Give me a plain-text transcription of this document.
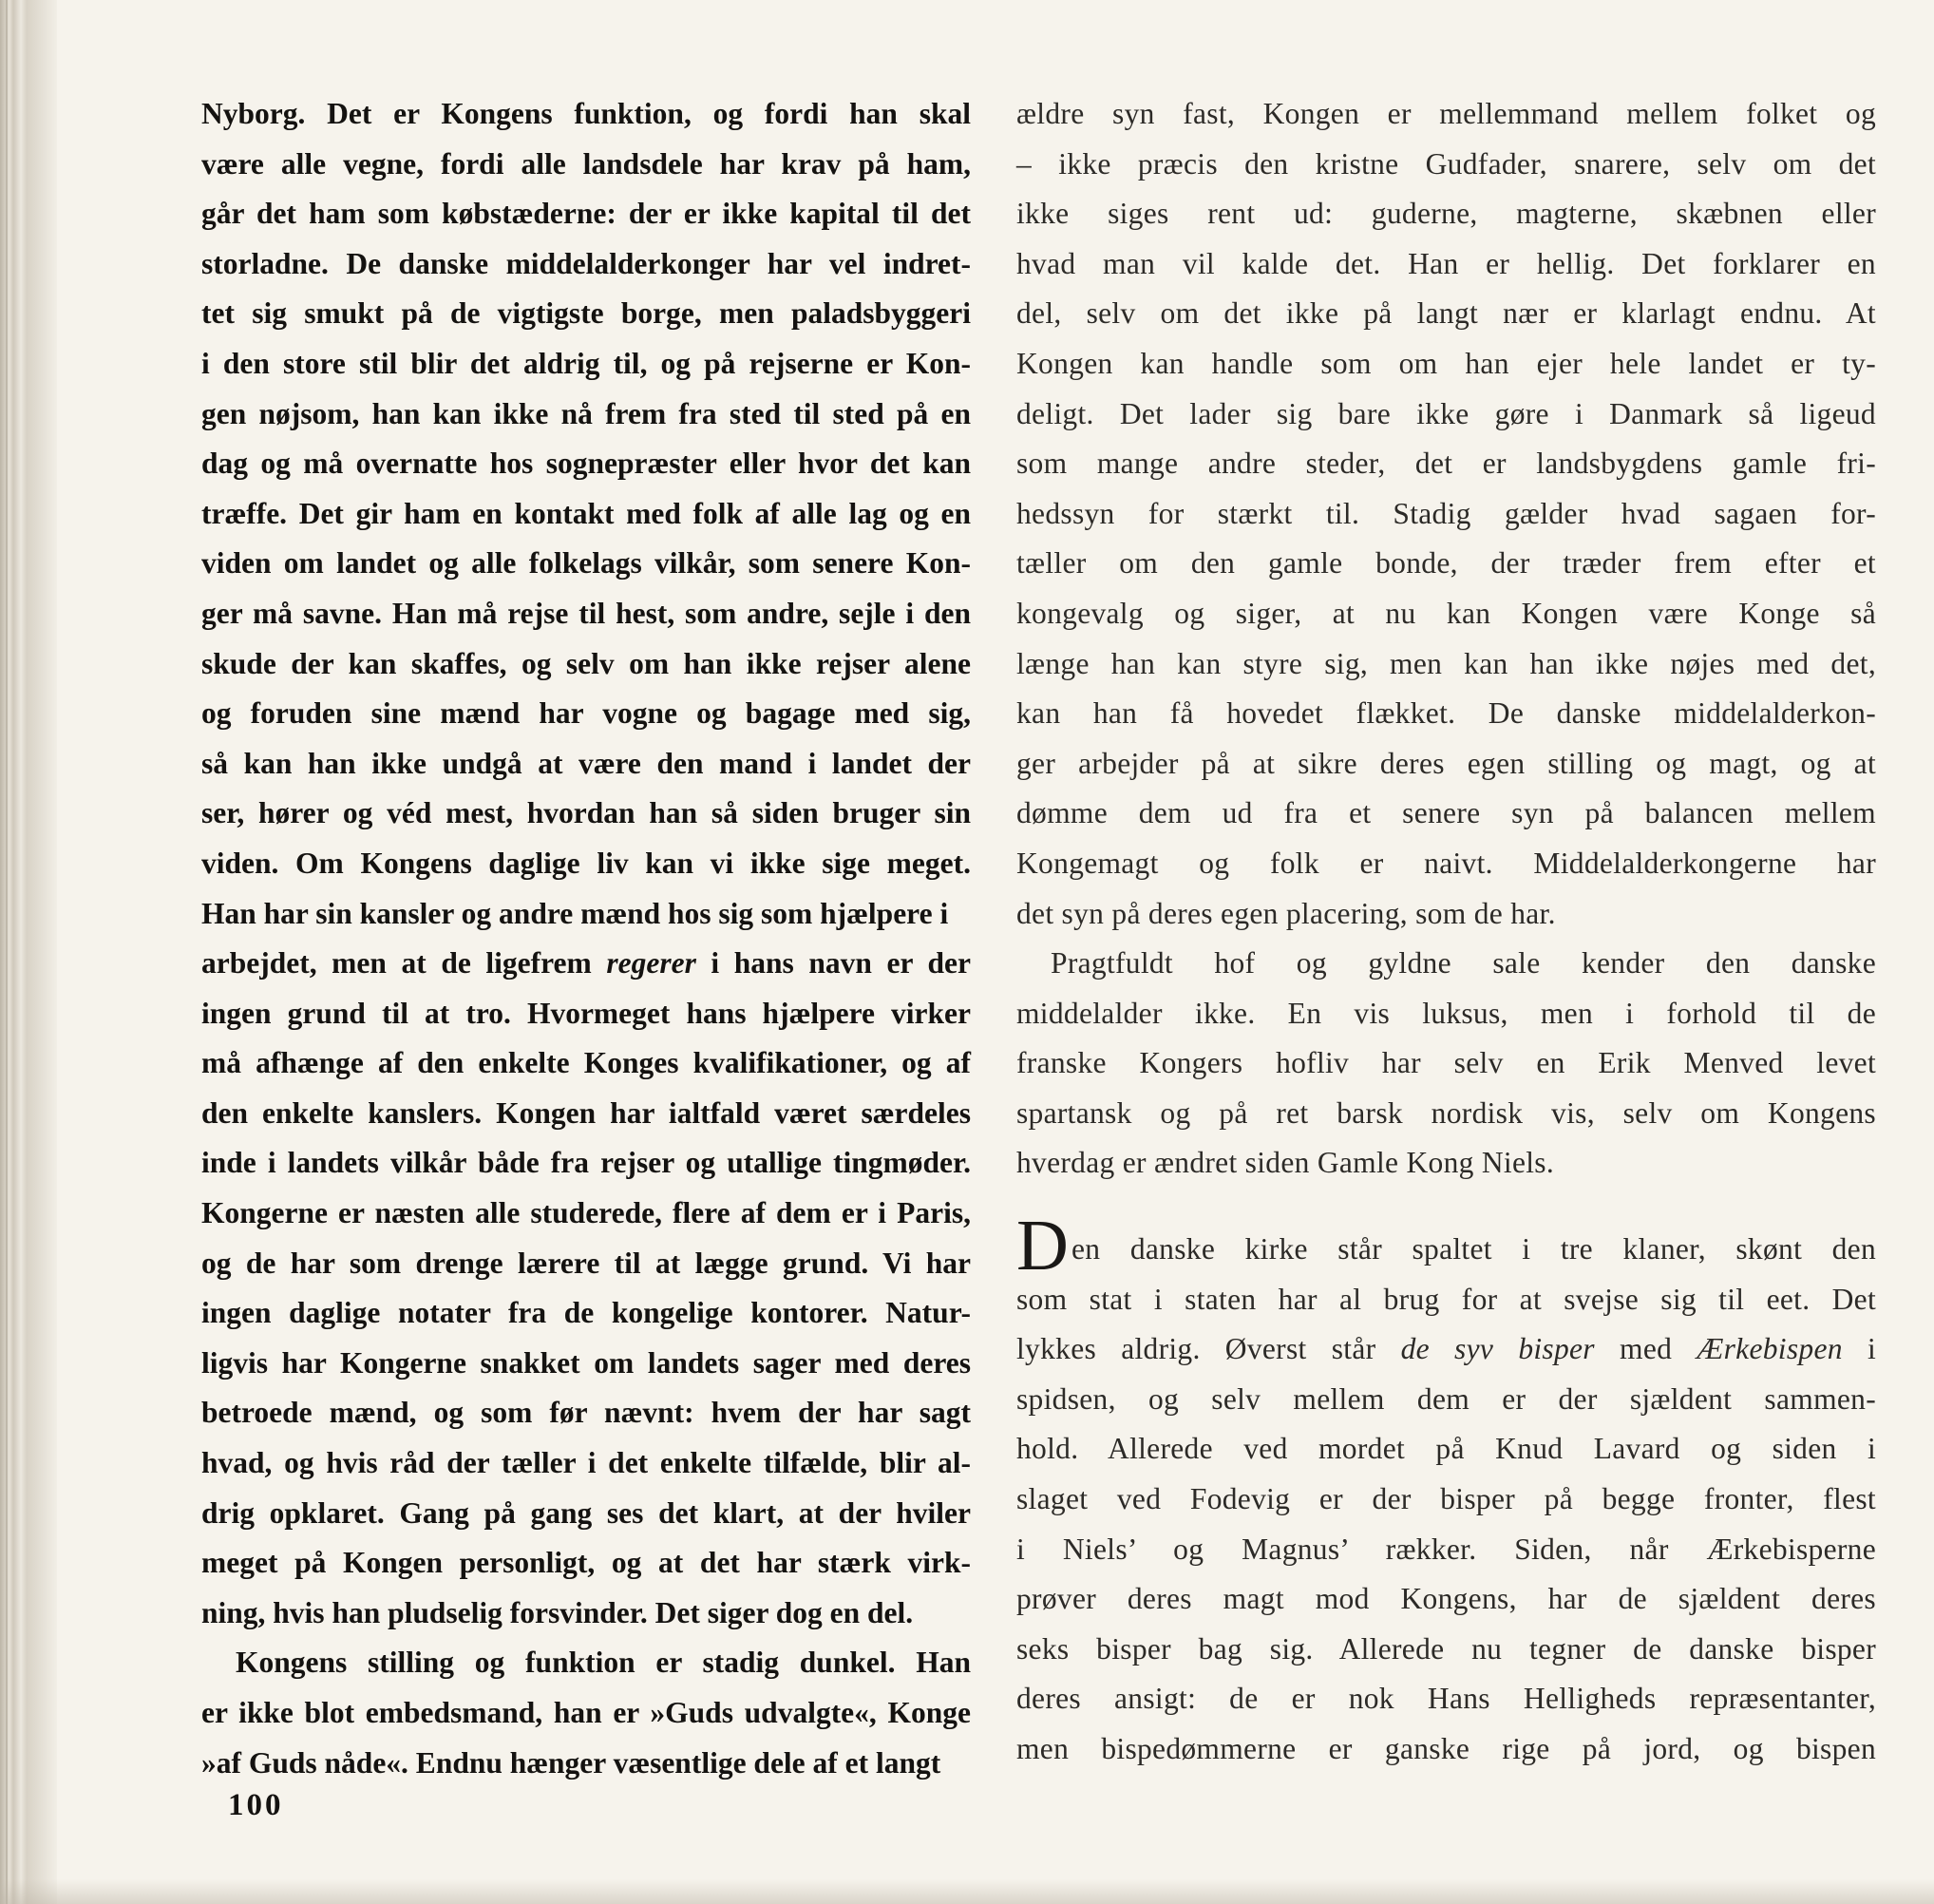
Nyborg. Det er Kongens funktion, og fordi han skal
være alle vegne, fordi alle landsdele har krav på ham,
går det ham som købstæderne: der er ikke kapital til det
storladne. De danske middelalderkonger har vel indret-
tet sig smukt på de vigtigste borge, men paladsbyggeri
i den store stil blir det aldrig til, og på rejserne er Kon-
gen nøjsom, han kan ikke nå frem fra sted til sted på en
dag og må overnatte hos sognepræster eller hvor det kan
træffe. Det gir ham en kontakt med folk af alle lag og en
viden om landet og alle folkelags vilkår, som senere Kon-
ger må savne. Han må rejse til hest, som andre, sejle i den
skude der kan skaffes, og selv om han ikke rejser alene
og foruden sine mænd har vogne og bagage med sig,
så kan han ikke undgå at være den mand i landet der
ser, hører og véd mest, hvordan han så siden bruger sin
viden. Om Kongens daglige liv kan vi ikke sige meget.
Han har sin kansler og andre mænd hos sig som hjælpere i
arbejdet, men at de ligefrem regerer i hans navn er der
ingen grund til at tro. Hvormeget hans hjælpere virker
må afhænge af den enkelte Konges kvalifikationer, og af
den enkelte kanslers. Kongen har ialtfald været særdeles
inde i landets vilkår både fra rejser og utallige tingmøder.
Kongerne er næsten alle studerede, flere af dem er i Paris,
og de har som drenge lærere til at lægge grund. Vi har
ingen daglige notater fra de kongelige kontorer. Natur-
ligvis har Kongerne snakket om landets sager med deres
betroede mænd, og som før nævnt: hvem der har sagt
hvad, og hvis råd der tæller i det enkelte tilfælde, blir al-
drig opklaret. Gang på gang ses det klart, at der hviler
meget på Kongen personligt, og at det har stærk virk-
ning, hvis han pludselig forsvinder. Det siger dog en del.
Kongens stilling og funktion er stadig dunkel. Han
er ikke blot embedsmand, han er »Guds udvalgte«, Konge
»af Guds nåde«. Endnu hænger væsentlige dele af et langt
ældre syn fast, Kongen er mellemmand mellem folket og
– ikke præcis den kristne Gudfader, snarere, selv om det
ikke siges rent ud: guderne, magterne, skæbnen eller
hvad man vil kalde det. Han er hellig. Det forklarer en
del, selv om det ikke på langt nær er klarlagt endnu. At
Kongen kan handle som om han ejer hele landet er ty-
deligt. Det lader sig bare ikke gøre i Danmark så ligeud
som mange andre steder, det er landsbygdens gamle fri-
hedssyn for stærkt til. Stadig gælder hvad sagaen for-
tæller om den gamle bonde, der træder frem efter et
kongevalg og siger, at nu kan Kongen være Konge så
længe han kan styre sig, men kan han ikke nøjes med det,
kan han få hovedet flækket. De danske middelalderkon-
ger arbejder på at sikre deres egen stilling og magt, og at
dømme dem ud fra et senere syn på balancen mellem
Kongemagt og folk er naivt. Middelalderkongerne har
det syn på deres egen placering, som de har.
Pragtfuldt hof og gyldne sale kender den danske
middelalder ikke. En vis luksus, men i forhold til de
franske Kongers hofliv har selv en Erik Menved levet
spartansk og på ret barsk nordisk vis, selv om Kongens
hverdag er ændret siden Gamle Kong Niels.
D en danske kirke står spaltet i tre klaner, skønt den
som stat i staten har al brug for at svejse sig til eet. Det
lykkes aldrig. Øverst står de syv bisper med Ærkebispen i
spidsen, og selv mellem dem er der sjældent sammen-
hold. Allerede ved mordet på Knud Lavard og siden i
slaget ved Fodevig er der bisper på begge fronter, flest
i Niels’ og Magnus’ rækker. Siden, når Ærkebisperne
prøver deres magt mod Kongens, har de sjældent deres
seks bisper bag sig. Allerede nu tegner de danske bisper
deres ansigt: de er nok Hans Helligheds repræsentanter,
men bispedømmerne er ganske rige på jord, og bispen
100
